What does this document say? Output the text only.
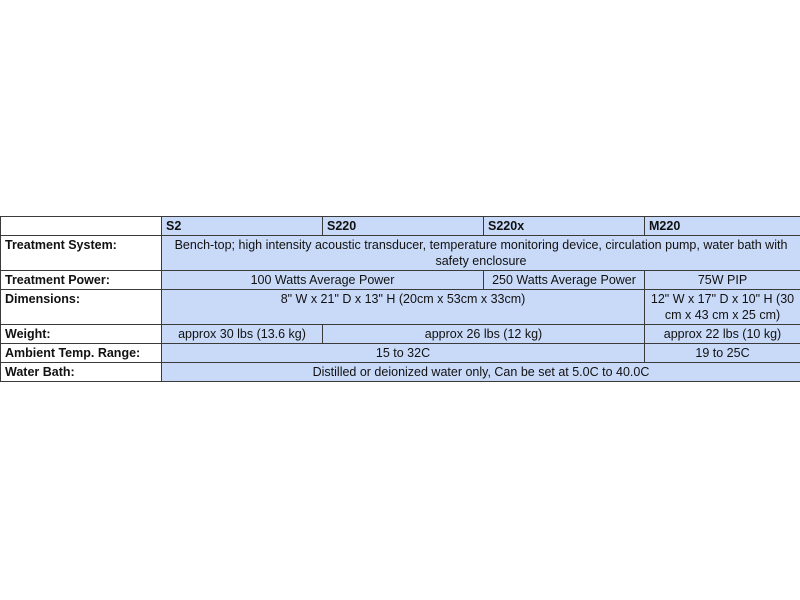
	S2	S220	S220x	M220
Treatment System:	Bench-top; high intensity acoustic transducer, temperature monitoring device, circulation pump, water bath with safety enclosure			
Treatment Power:	100 Watts Average Power		250 Watts Average Power	75W PIP
Dimensions:	8" W x 21" D x 13" H (20cm x 53cm x 33cm)			12" W x 17" D x 10" H (30 cm x 43 cm x 25 cm)
Weight:	approx 30 lbs (13.6 kg)	approx 26 lbs (12 kg)		approx 22 lbs (10 kg)
Ambient Temp. Range:	15 to 32C			19 to 25C
Water Bath:	Distilled or deionized water only, Can be set at 5.0C to 40.0C			
